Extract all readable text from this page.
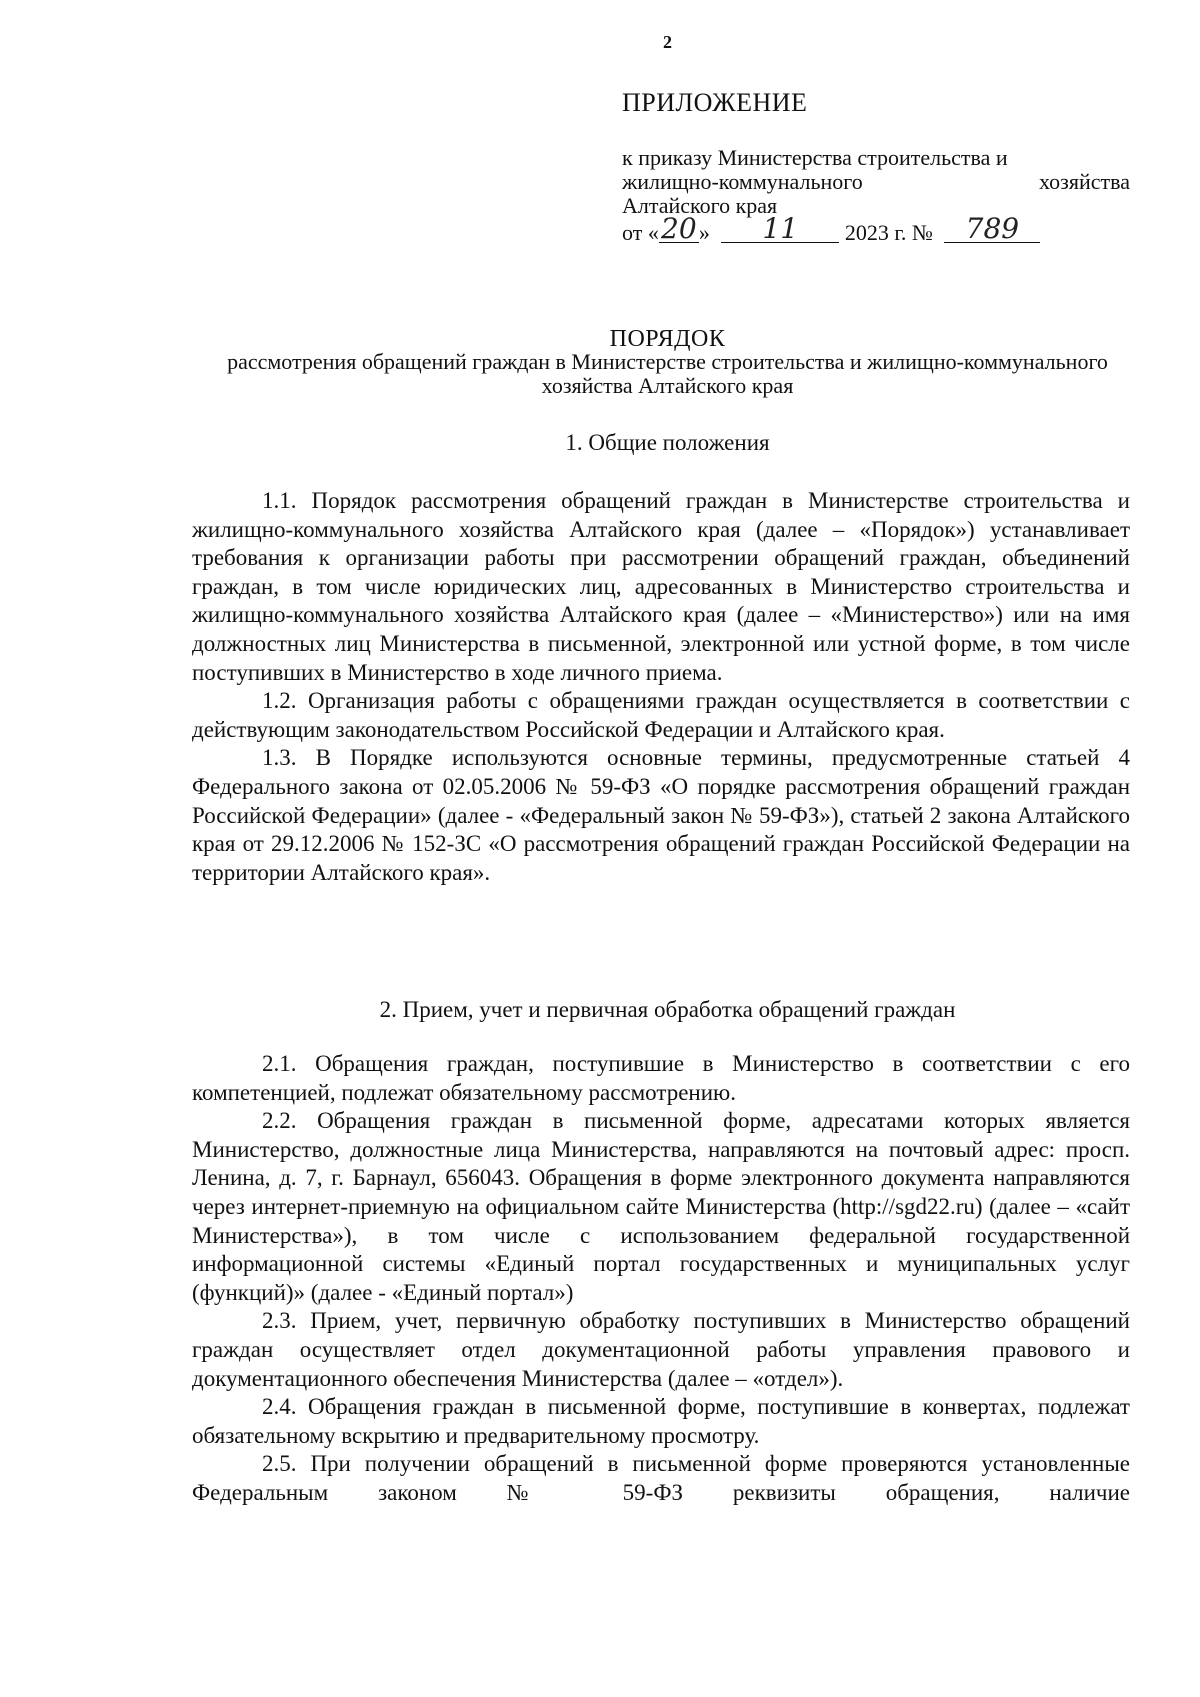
2
ПРИЛОЖЕНИЕ
к приказу Министерства строительства и
жилищно-коммунального	хозяйства
Алтайского края
от «20» 11 2023 г. № 789
ПОРЯДОК
рассмотрения обращений граждан в Министерстве строительства и жилищно-коммунального хозяйства Алтайского края
1. Общие положения

1.1. Порядок рассмотрения обращений граждан в Министерстве строительства и жилищно-коммунального хозяйства Алтайского края (далее – «Порядок») устанавливает требования к организации работы при рассмотрении обращений граждан, объединений граждан, в том числе юридических лиц, адресованных в Министерство строительства и жилищно-коммунального хозяйства Алтайского края (далее – «Министерство») или на имя должностных лиц Министерства в письменной, электронной или устной форме, в том числе поступивших в Министерство в ходе личного приема.

1.2. Организация работы с обращениями граждан осуществляется в соответствии с действующим законодательством Российской Федерации и Алтайского края.

1.3. В Порядке используются основные термины, предусмотренные статьей 4 Федерального закона от 02.05.2006 № 59-ФЗ «О порядке рассмотрения обращений граждан Российской Федерации» (далее - «Федеральный закон № 59-ФЗ»), статьей 2 закона Алтайского края от 29.12.2006 № 152-ЗС «О рассмотрения обращений граждан Российской Федерации на территории Алтайского края».

2. Прием, учет и первичная обработка обращений граждан

2.1. Обращения граждан, поступившие в Министерство в соответствии с его компетенцией, подлежат обязательному рассмотрению.

2.2. Обращения граждан в письменной форме, адресатами которых является Министерство, должностные лица Министерства, направляются на почтовый адрес: просп. Ленина, д. 7, г. Барнаул, 656043. Обращения в форме электронного документа направляются через интернет-приемную на официальном сайте Министерства (http://sgd22.ru) (далее – «сайт Министерства»), в том числе с использованием федеральной государственной информационной системы «Единый портал государственных и муниципальных услуг (функций)» (далее - «Единый портал»)

2.3. Прием, учет, первичную обработку поступивших в Министерство обращений граждан осуществляет отдел документационной работы управления правового и документационного обеспечения Министерства (далее – «отдел»).

2.4. Обращения граждан в письменной форме, поступившие в конвертах, подлежат обязательному вскрытию и предварительному просмотру.

2.5. При получении обращений в письменной форме проверяются установленные Федеральным законом № 59-ФЗ реквизиты обращения, наличие
